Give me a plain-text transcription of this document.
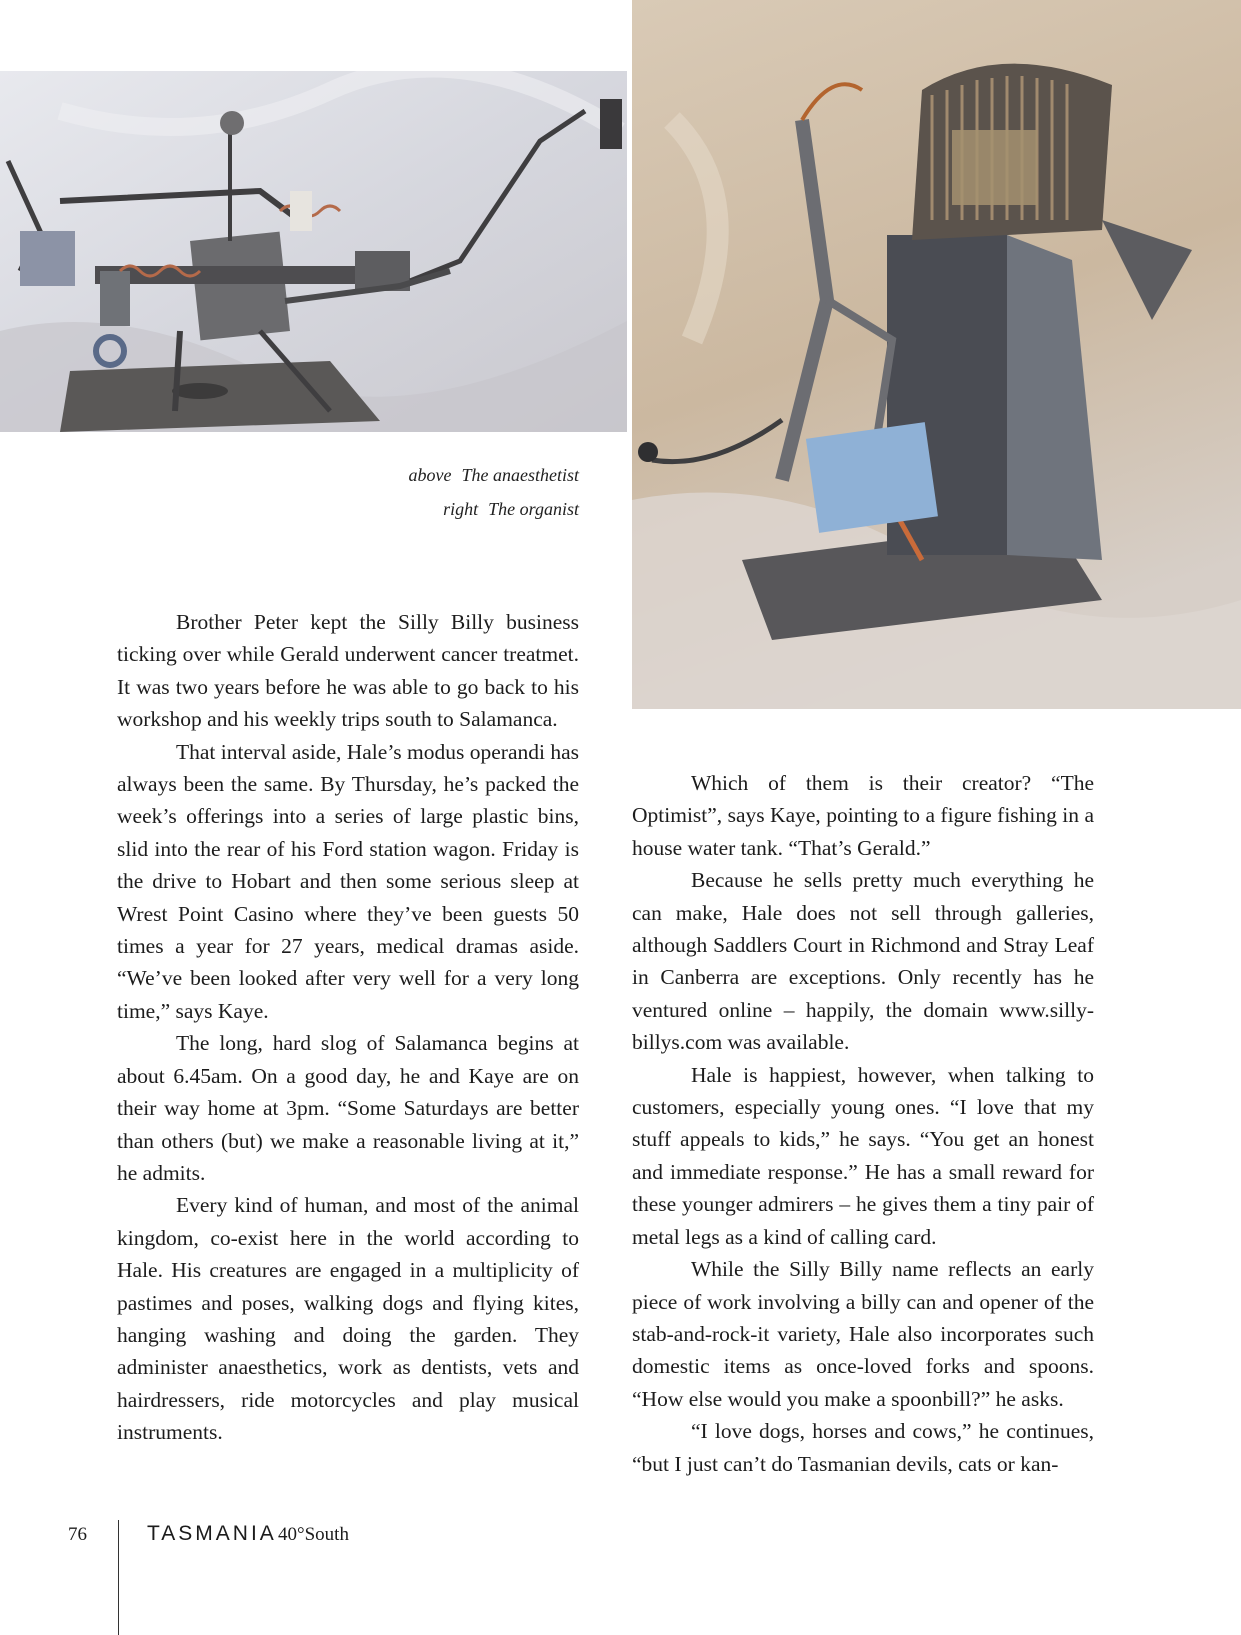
above The anaesthetist
right The organist

Brother Peter kept the Silly Billy business ticking over while Gerald underwent cancer treatmet. It was two years before he was able to go back to his workshop and his weekly trips south to Salamanca.

That interval aside, Hale’s modus operandi has always been the same. By Thursday, he’s packed the week’s offerings into a series of large plastic bins, slid into the rear of his Ford station wagon. Friday is the drive to Hobart and then some serious sleep at Wrest Point Casino where they’ve been guests 50 times a year for 27 years, medical dramas aside. “We’ve been looked after very well for a very long time,” says Kaye.

The long, hard slog of Salamanca begins at about 6.45am. On a good day, he and Kaye are on their way home at 3pm. “Some Saturdays are better than others (but) we make a reasonable living at it,” he admits.

Every kind of human, and most of the animal kingdom, co-exist here in the world according to Hale. His creatures are engaged in a multiplicity of pastimes and poses, walking dogs and flying kites, hanging washing and doing the garden. They administer anaesthetics, work as dentists, vets and hairdressers, ride motorcycles and play musical instruments.

Which of them is their creator? “The Optimist”, says Kaye, pointing to a figure fishing in a house water tank. “That’s Gerald.”

Because he sells pretty much everything he can make, Hale does not sell through galleries, although Saddlers Court in Richmond and Stray Leaf in Canberra are exceptions. Only recently has he ventured online – happily, the domain www.silly-billys.com was available.

Hale is happiest, however, when talking to customers, especially young ones. “I love that my stuff appeals to kids,” he says. “You get an honest and immediate response.” He has a small reward for these younger admirers – he gives them a tiny pair of metal legs as a kind of calling card.

While the Silly Billy name reflects an early piece of work involving a billy can and opener of the stab-and-rock-it variety, Hale also incorporates such domestic items as once-loved forks and spoons. “How else would you make a spoonbill?” he asks.

“I love dogs, horses and cows,” he continues, “but I just can’t do Tasmanian devils, cats or kan-

76	TASMANIA 40°South
